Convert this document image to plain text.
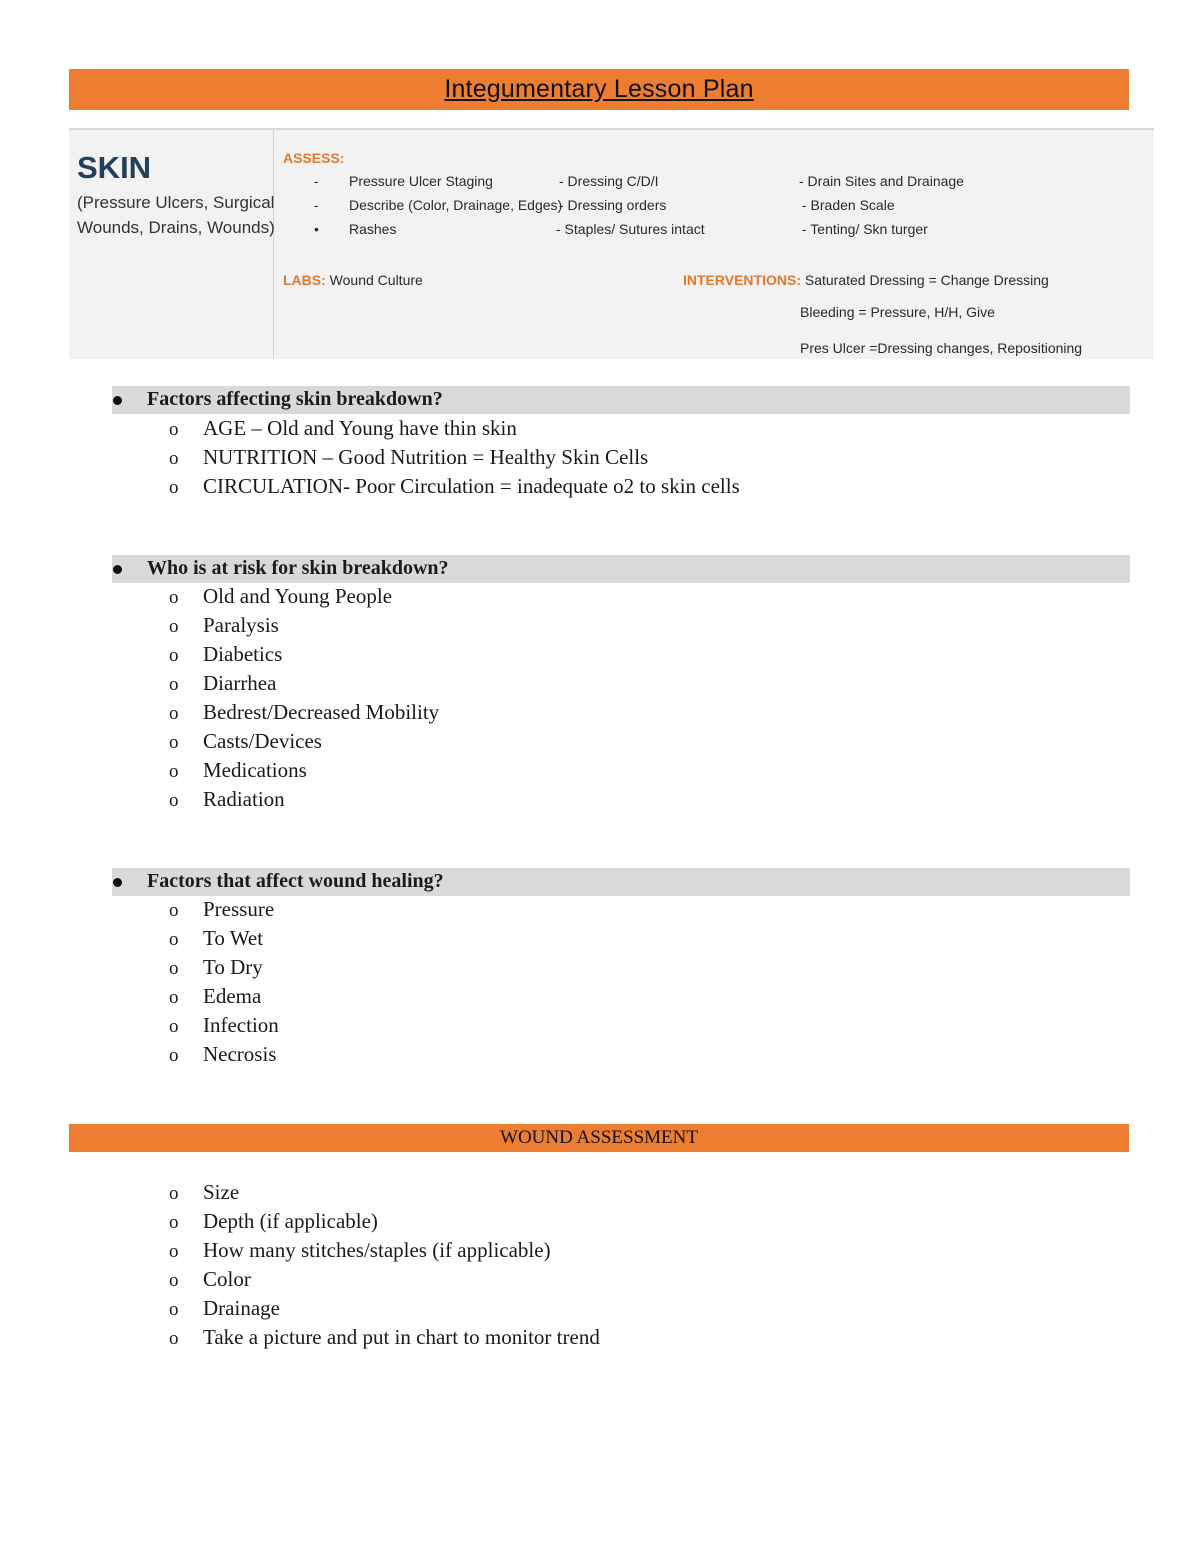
Integumentary Lesson Plan
SKIN
(Pressure Ulcers, Surgical
Wounds, Drains, Wounds)
ASSESS:
- Pressure Ulcer Staging
- Describe (Color, Drainage, Edges)
• Rashes
- Dressing C/D/I
- Dressing orders
- Staples/ Sutures intact
- Drain Sites and Drainage
- Braden Scale
- Tenting/ Skn turger
LABS: Wound Culture	INTERVENTIONS: Saturated Dressing = Change Dressing
Bleeding = Pressure, H/H, Give
Pres Ulcer =Dressing changes, Repositioning
Factors affecting skin breakdown?
o AGE – Old and Young have thin skin
o NUTRITION – Good Nutrition = Healthy Skin Cells
o CIRCULATION- Poor Circulation = inadequate o2 to skin cells
Who is at risk for skin breakdown?
o Old and Young People
o Paralysis
o Diabetics
o Diarrhea
o Bedrest/Decreased Mobility
o Casts/Devices
o Medications
o Radiation
Factors that affect wound healing?
o Pressure
o To Wet
o To Dry
o Edema
o Infection
o Necrosis
WOUND ASSESSMENT
o Size
o Depth (if applicable)
o How many stitches/staples (if applicable)
o Color
o Drainage
o Take a picture and put in chart to monitor trend
